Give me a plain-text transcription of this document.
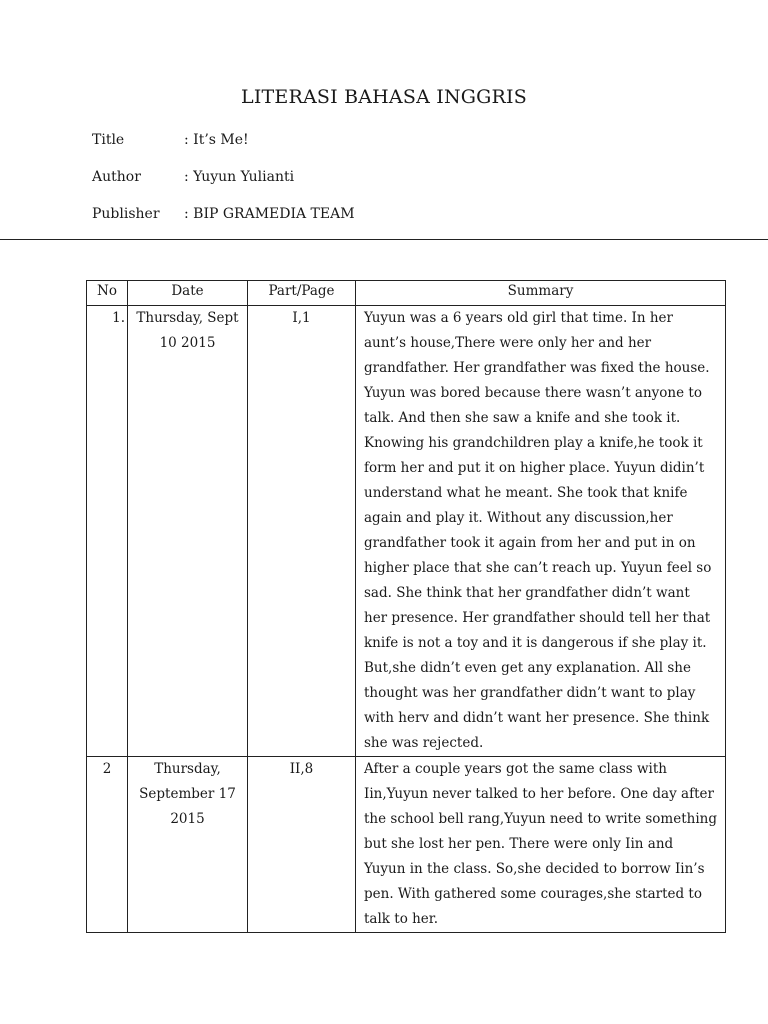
LITERASI BAHASA INGGRIS
Title	: It’s Me!
Author	: Yuyun Yulianti
Publisher : BIP GRAMEDIA TEAM
No	Date	Part/Page	Summary
1.	Thursday, Sept 10 2015	I,1	Yuyun was a 6 years old girl that time. In her aunt’s house,There were only her and her grandfather. Her grandfather was fixed the house. Yuyun was bored because there wasn’t anyone to talk. And then she saw a knife and she took it. Knowing his grandchildren play a knife,he took it form her and put it on higher place. Yuyun didin’t understand what he meant. She took that knife again and play it. Without any discussion,her grandfather took it again from her and put in on higher place that she can’t reach up. Yuyun feel so sad. She think that her grandfather didn’t want her presence. Her grandfather should tell her that knife is not a toy and it is dangerous if she play it. But,she didn’t even get any explanation. All she thought was her grandfather didn’t want to play with herv and didn’t want her presence. She think she was rejected.
2	Thursday, September 17 2015	II,8	After a couple years got the same class with Iin,Yuyun never talked to her before. One day after the school bell rang,Yuyun need to write something but she lost her pen. There were only Iin and Yuyun in the class. So,she decided to borrow Iin’s pen. With gathered some courages,she started to talk to her.
